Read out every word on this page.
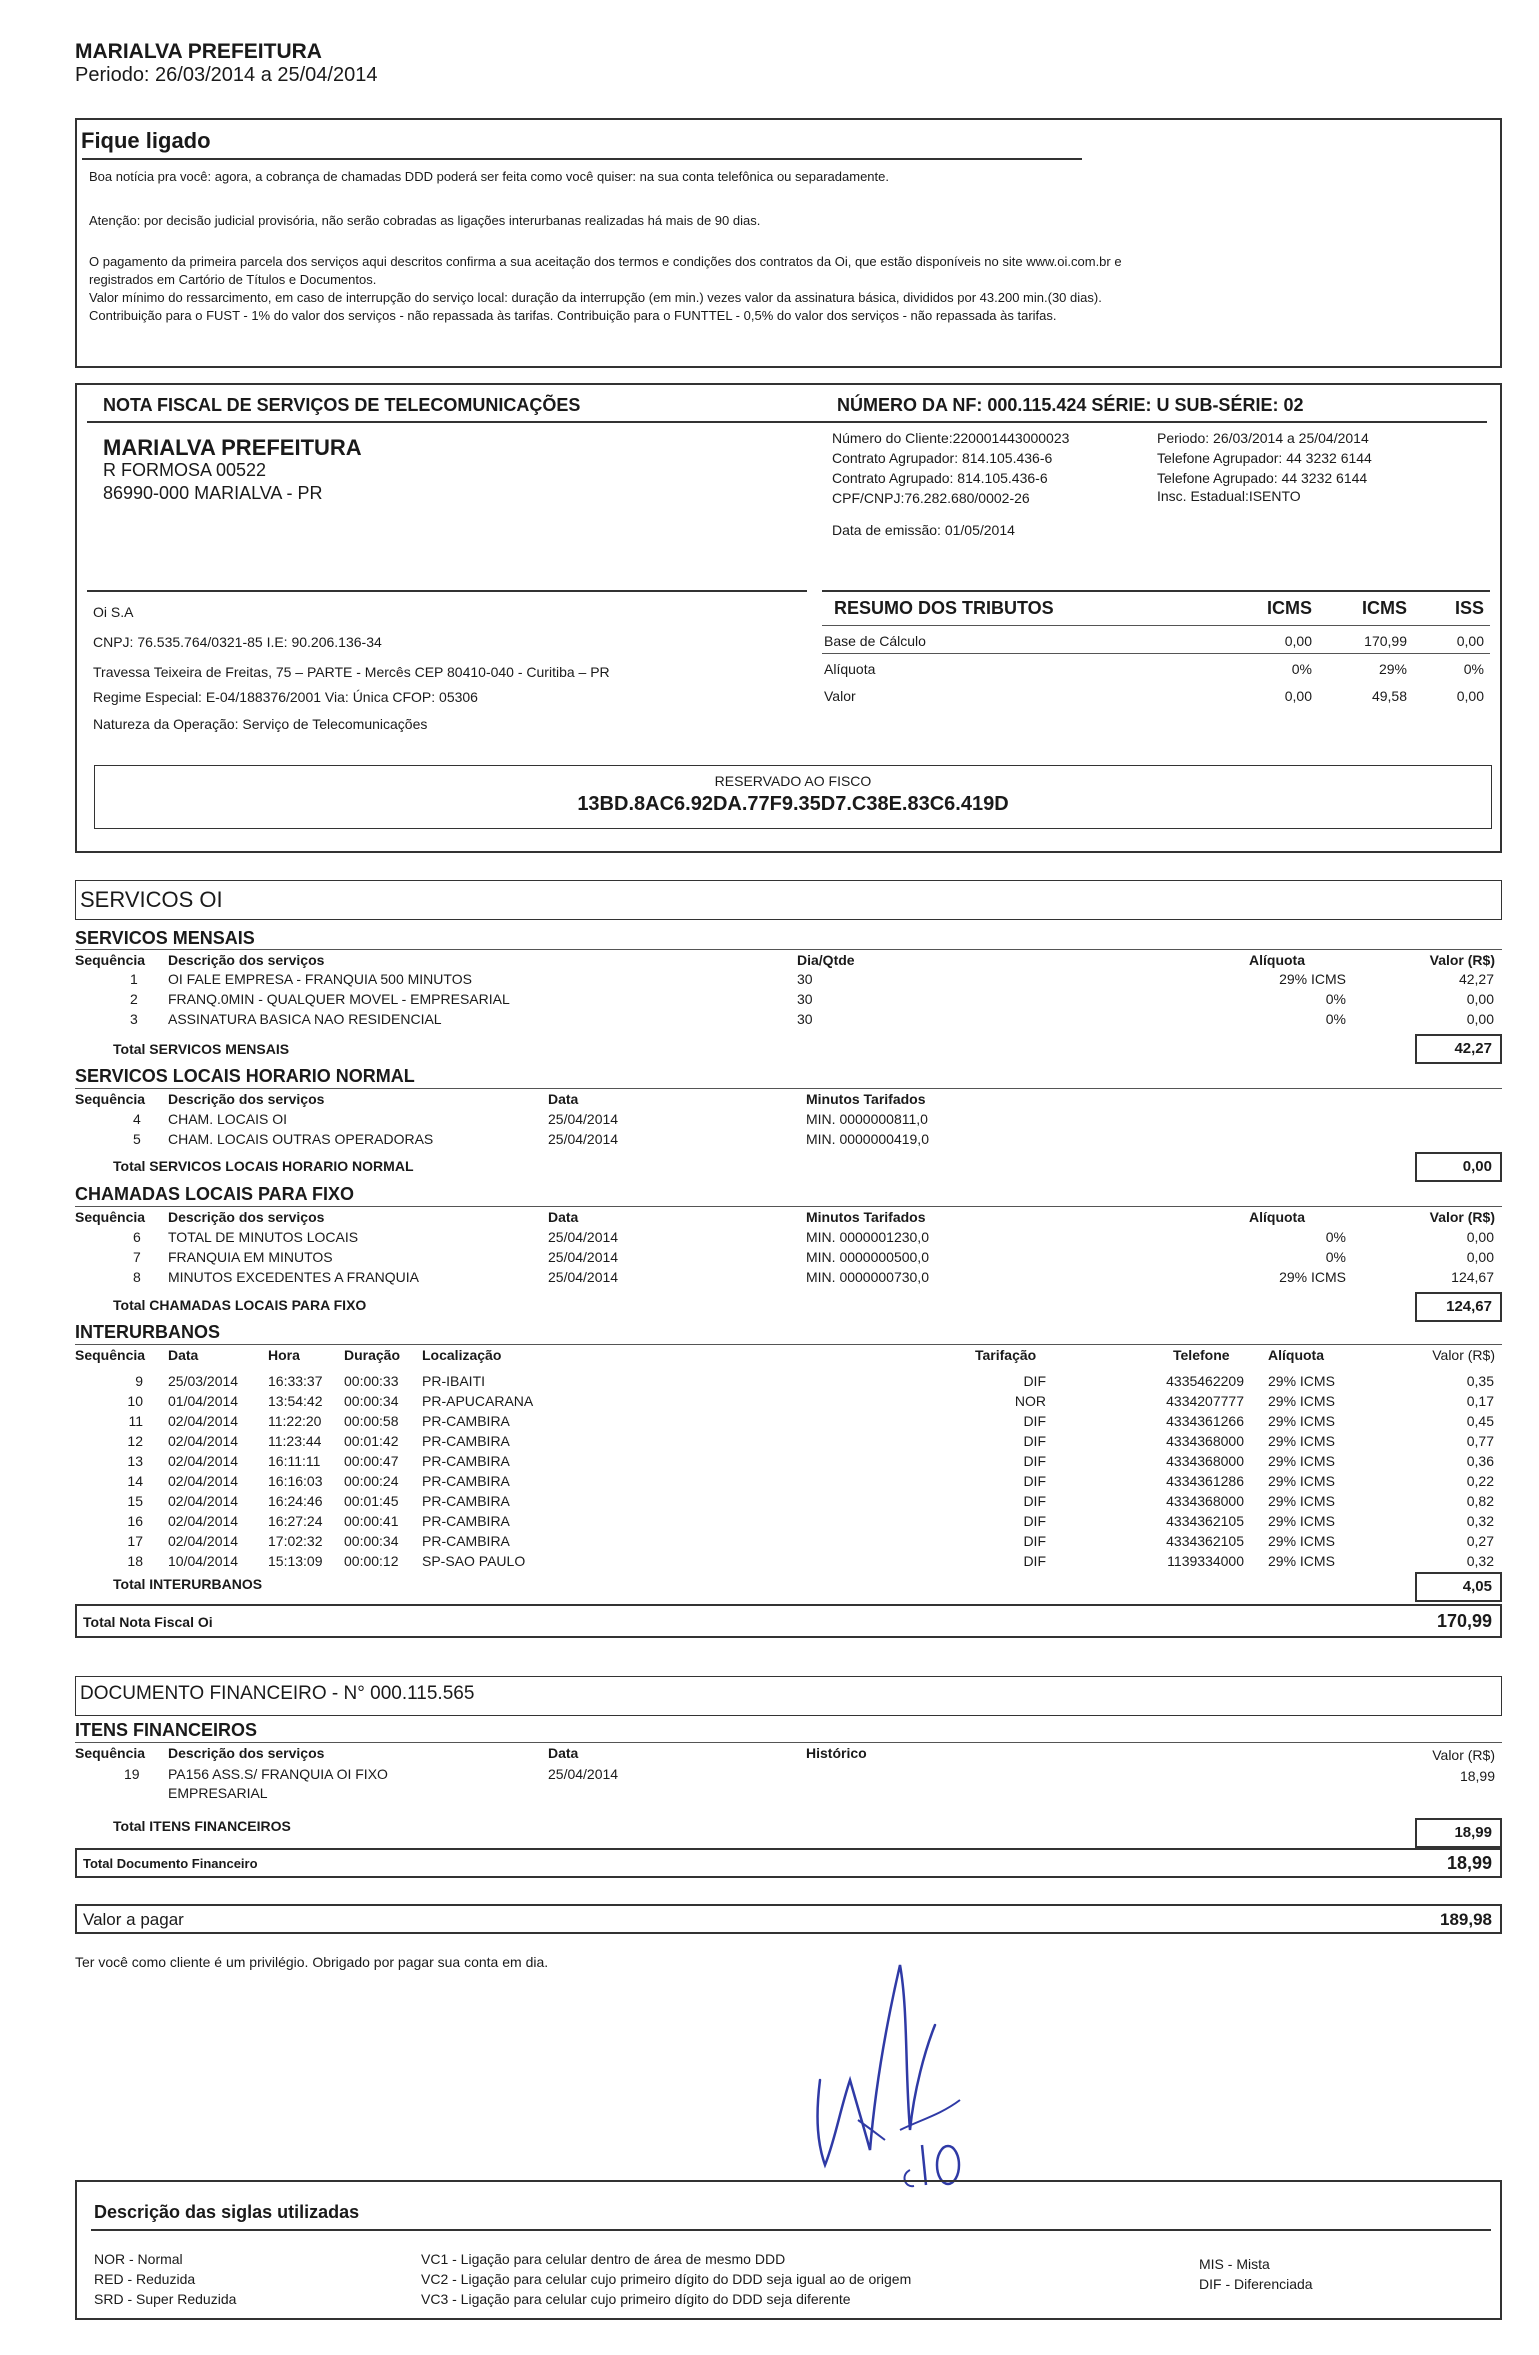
MARIALVA PREFEITURA
Periodo: 26/03/2014 a 25/04/2014
Fique ligado
Boa notícia pra você: agora, a cobrança de chamadas DDD poderá ser feita como você quiser: na sua conta telefônica ou separadamente.
Atenção: por decisão judicial provisória, não serão cobradas as ligações interurbanas realizadas há mais de 90 dias.
O pagamento da primeira parcela dos serviços aqui descritos confirma a sua aceitação dos termos e condições dos contratos da Oi, que estão disponíveis no site www.oi.com.br e
registrados em Cartório de Títulos e Documentos.
Valor mínimo do ressarcimento, em caso de interrupção do serviço local: duração da interrupção (em min.) vezes valor da assinatura básica, divididos por 43.200 min.(30 dias).
Contribuição para o FUST - 1% do valor dos serviços - não repassada às tarifas. Contribuição para o FUNTTEL - 0,5% do valor dos serviços - não repassada às tarifas.
NOTA FISCAL DE SERVIÇOS DE TELECOMUNICAÇÕES	NÚMERO DA NF: 000.115.424 SÉRIE: U SUB-SÉRIE: 02
MARIALVA PREFEITURA
R FORMOSA 00522
86990-000 MARIALVA - PR
Número do Cliente:220001443000023
Contrato Agrupador: 814.105.436-6
Contrato Agrupado: 814.105.436-6
CPF/CNPJ:76.282.680/0002-26
Periodo: 26/03/2014 a 25/04/2014
Telefone Agrupador: 44 3232 6144
Telefone Agrupado: 44 3232 6144
Insc. Estadual:ISENTO
Data de emissão: 01/05/2014
Oi S.A
CNPJ: 76.535.764/0321-85 I.E: 90.206.136-34
Travessa Teixeira de Freitas, 75 – PARTE - Mercês CEP 80410-040 - Curitiba – PR
Regime Especial: E-04/188376/2001 Via: Única CFOP: 05306
Natureza da Operação: Serviço de Telecomunicações
RESUMO DOS TRIBUTOS	ICMS	ICMS	ISS
Base de Cálculo	0,00	170,99	0,00
Alíquota	0%	29%	0%
Valor	0,00	49,58	0,00
RESERVADO AO FISCO
13BD.8AC6.92DA.77F9.35D7.C38E.83C6.419D
SERVICOS OI
SERVICOS MENSAIS
Sequência Descrição dos serviços	Dia/Qtde	Alíquota	Valor (R$)
1 OI FALE EMPRESA - FRANQUIA 500 MINUTOS	30	29% ICMS	42,27
2 FRANQ.0MIN - QUALQUER MOVEL - EMPRESARIAL	30	0%	0,00
3 ASSINATURA BASICA NAO RESIDENCIAL	30	0%	0,00
Total SERVICOS MENSAIS	42,27
SERVICOS LOCAIS HORARIO NORMAL
Sequência Descrição dos serviços	Data	Minutos Tarifados
4 CHAM. LOCAIS OI	25/04/2014	MIN. 0000000811,0
5 CHAM. LOCAIS OUTRAS OPERADORAS	25/04/2014	MIN. 0000000419,0
Total SERVICOS LOCAIS HORARIO NORMAL	0,00
CHAMADAS LOCAIS PARA FIXO
Sequência Descrição dos serviços	Data	Minutos Tarifados	Alíquota	Valor (R$)
6 TOTAL DE MINUTOS LOCAIS	25/04/2014	MIN. 0000001230,0	0%	0,00
7 FRANQUIA EM MINUTOS	25/04/2014	MIN. 0000000500,0	0%	0,00
8 MINUTOS EXCEDENTES A FRANQUIA	25/04/2014	MIN. 0000000730,0	29% ICMS	124,67
Total CHAMADAS LOCAIS PARA FIXO	124,67
INTERURBANOS
Sequência Data	Hora	Duração Localização	Tarifação	Telefone	Alíquota	Valor (R$)
9 25/03/2014 16:33:37 00:00:33 PR-IBAITI	DIF	4335462209 29% ICMS	0,35
10 01/04/2014 13:54:42 00:00:34 PR-APUCARANA	NOR	4334207777 29% ICMS	0,17
11 02/04/2014 11:22:20 00:00:58 PR-CAMBIRA	DIF	4334361266 29% ICMS	0,45
12 02/04/2014 11:23:44 00:01:42 PR-CAMBIRA	DIF	4334368000 29% ICMS	0,77
13 02/04/2014 16:11:11 00:00:47 PR-CAMBIRA	DIF	4334368000 29% ICMS	0,36
14 02/04/2014 16:16:03 00:00:24 PR-CAMBIRA	DIF	4334361286 29% ICMS	0,22
15 02/04/2014 16:24:46 00:01:45 PR-CAMBIRA	DIF	4334368000 29% ICMS	0,82
16 02/04/2014 16:27:24 00:00:41 PR-CAMBIRA	DIF	4334362105 29% ICMS	0,32
17 02/04/2014 17:02:32 00:00:34 PR-CAMBIRA	DIF	4334362105 29% ICMS	0,27
18 10/04/2014 15:13:09 00:00:12 SP-SAO PAULO	DIF	1139334000 29% ICMS	0,32
Total INTERURBANOS	4,05
Total Nota Fiscal Oi	170,99
DOCUMENTO FINANCEIRO - N° 000.115.565
ITENS FINANCEIROS
Sequência Descrição dos serviços	Data	Histórico	Valor (R$)
19 PA156 ASS.S/ FRANQUIA OI FIXO
EMPRESARIAL
25/04/2014	18,99
Total ITENS FINANCEIROS	18,99
Total Documento Financeiro	18,99
Valor a pagar	189,98
Ter você como cliente é um privilégio. Obrigado por pagar sua conta em dia.
Descrição das siglas utilizadas
NOR - Normal
RED - Reduzida
SRD - Super Reduzida
VC1 - Ligação para celular dentro de área de mesmo DDD
VC2 - Ligação para celular cujo primeiro dígito do DDD seja igual ao de origem
VC3 - Ligação para celular cujo primeiro dígito do DDD seja diferente
MIS - Mista
DIF - Diferenciada
